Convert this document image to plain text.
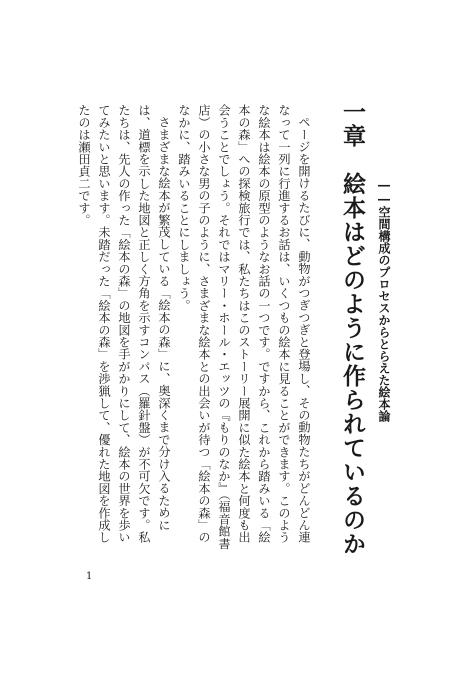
一章　絵本はどのように作られているのか ――空間構成のプロセスからとらえた絵本論

ページを開けるたびに、動物がつぎつぎと登場し、その動物たちがどんどん連なって一列に行進するお話は、いくつもの絵本に見ることができます。このような絵本は絵本の原型のようなお話の一つです。ですから、これから踏みいる「絵本の森」への探検旅行では、私たちはこのストーリー展開に似た絵本と何度も出会うことでしょう。それではマリー・ホール・エッツの『もりのなか』（福音館書店）の小さな男の子のように、さまざまな絵本との出会いが待つ「絵本の森」のなかに、踏みいることにしましょう。

さまざまな絵本が繁茂している「絵本の森」に、奥深くまで分け入るためには、道標を示した地図と正しく方角を示すコンパス（羅針盤）が不可欠です。私たちは、先人の作った「絵本の森」の地図を手がかりにして、絵本の世界を歩いてみたいと思います。未踏だった「絵本の森」を渉猟して、優れた地図を作成したのは瀬田貞二です。

1
